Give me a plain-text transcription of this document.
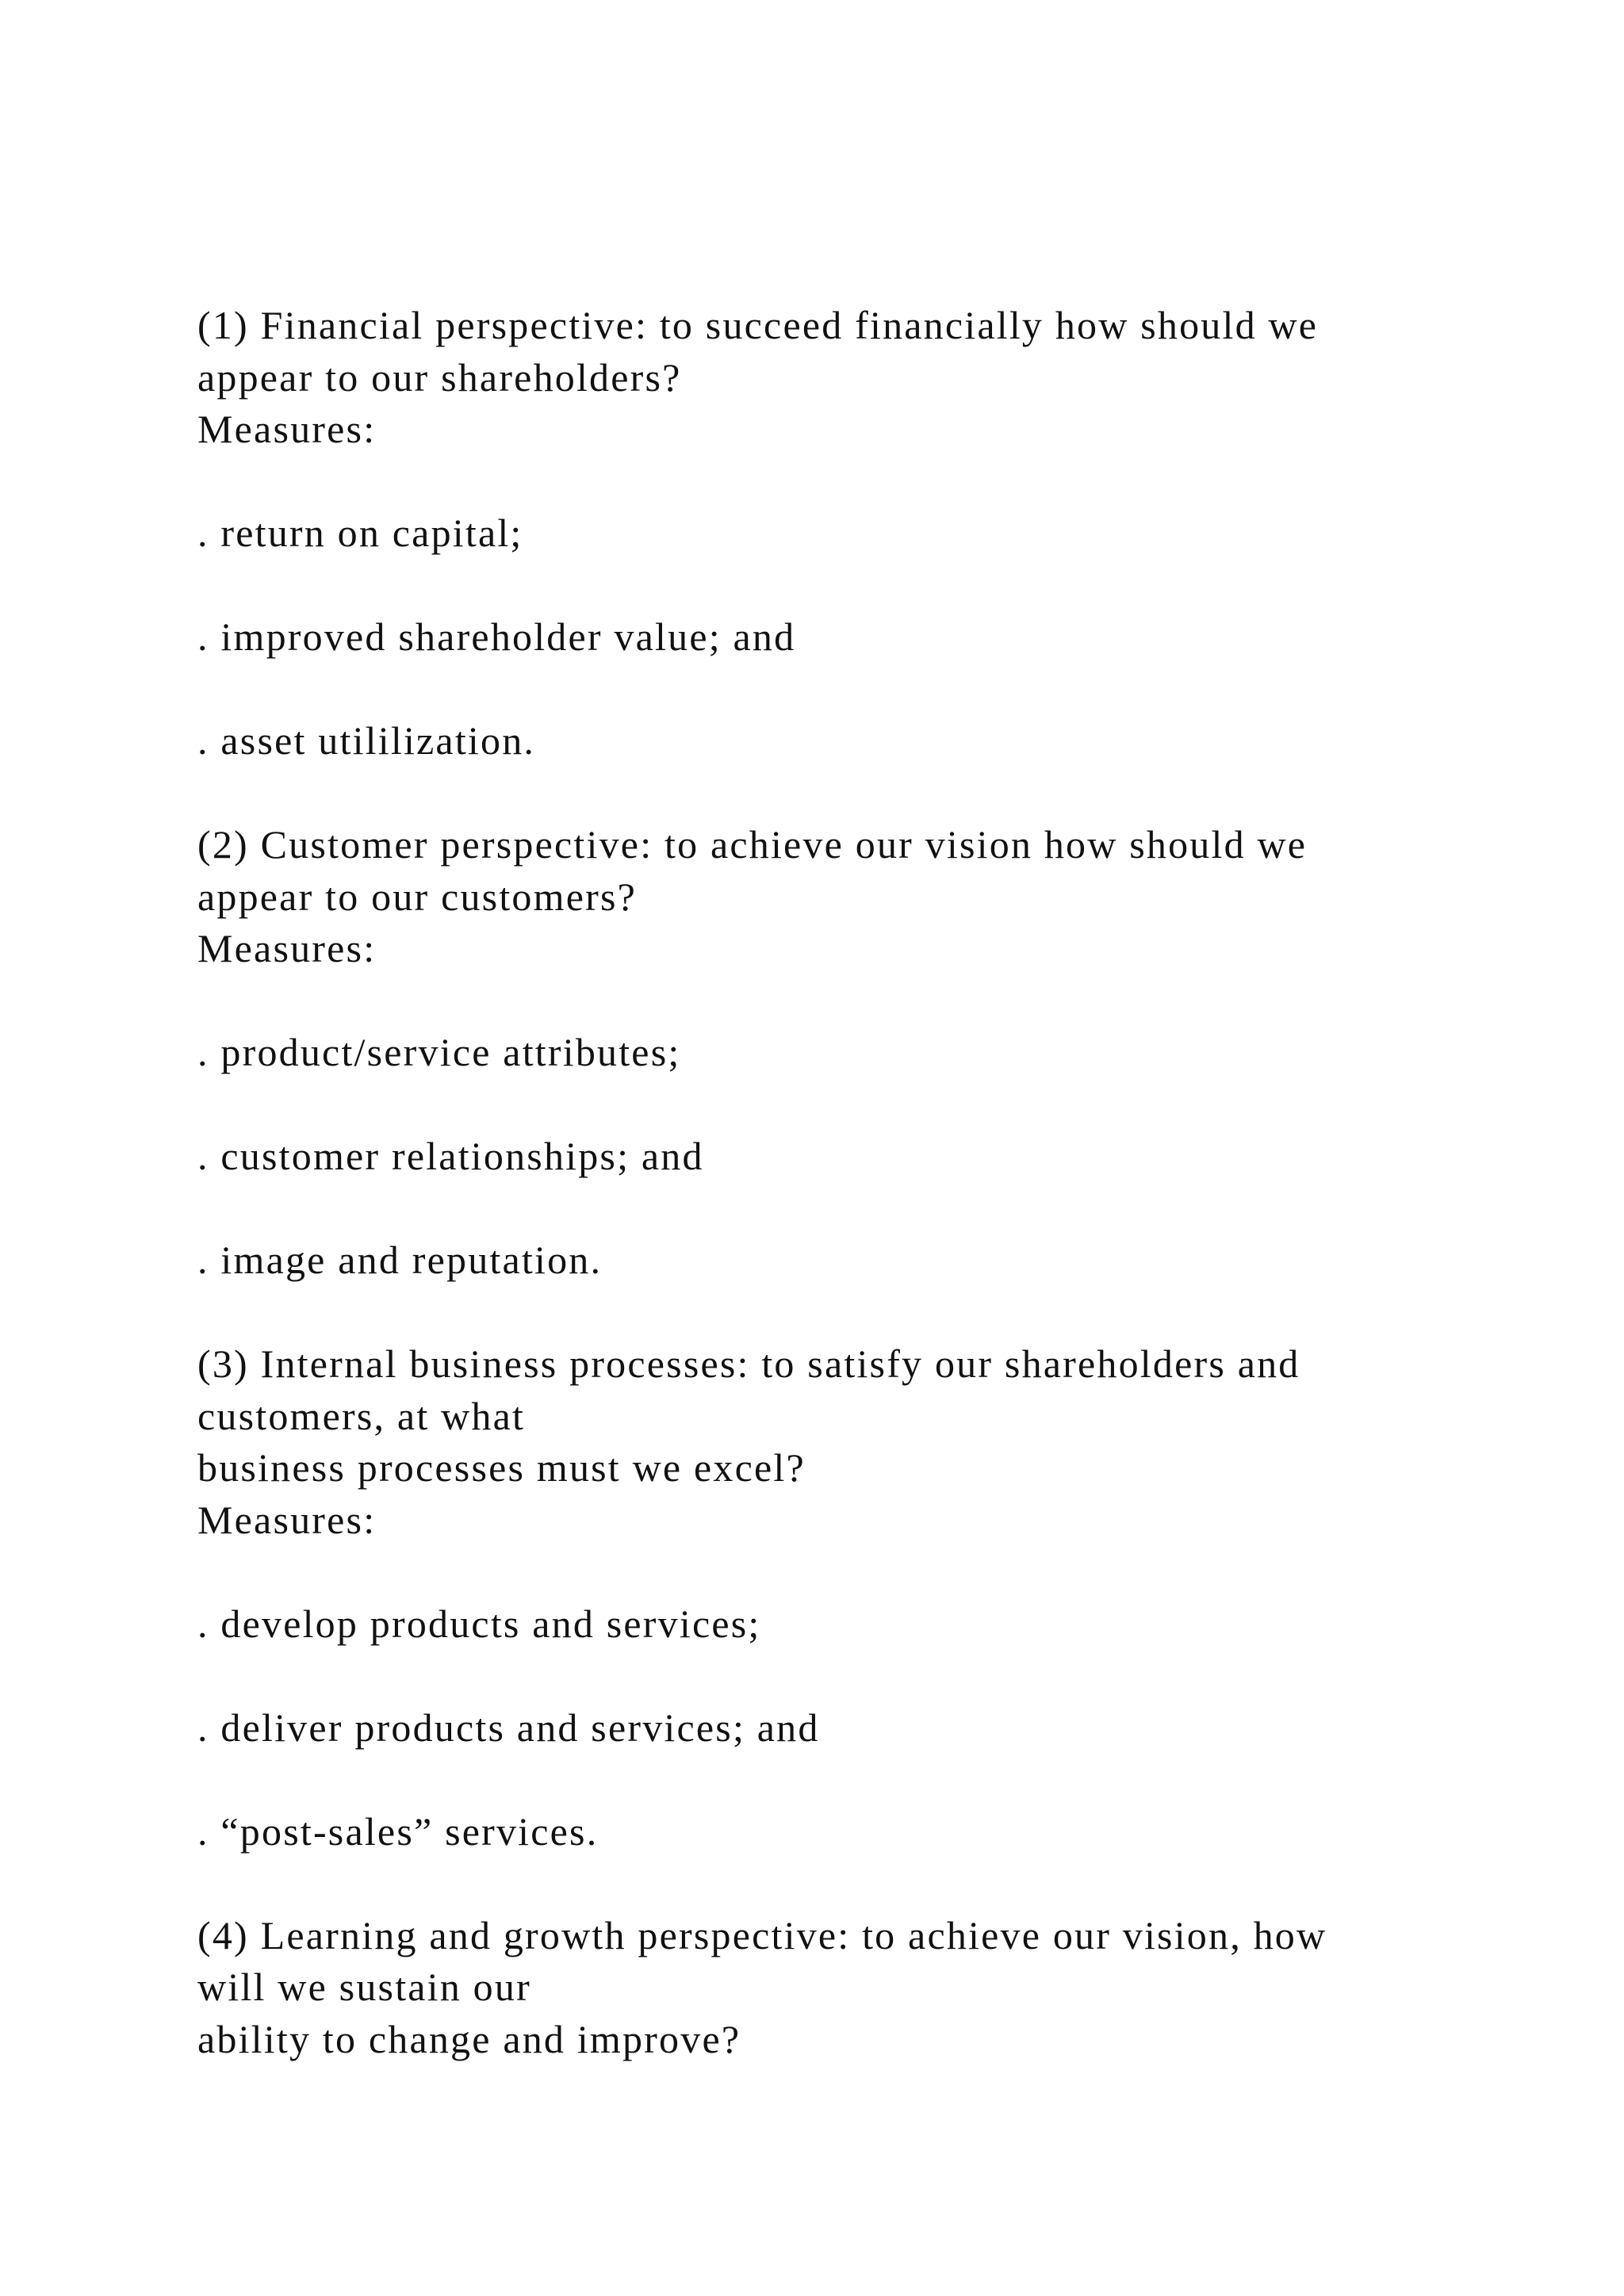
(1) Financial perspective: to succeed financially how should we
appear to our shareholders?
Measures:
. return on capital;
. improved shareholder value; and
. asset utililization.
(2) Customer perspective: to achieve our vision how should we
appear to our customers?
Measures:
. product/service attributes;
. customer relationships; and
. image and reputation.
(3) Internal business processes: to satisfy our shareholders and
customers, at what
business processes must we excel?
Measures:
. develop products and services;
. deliver products and services; and
. “post-sales” services.
(4) Learning and growth perspective: to achieve our vision, how
will we sustain our
ability to change and improve?
